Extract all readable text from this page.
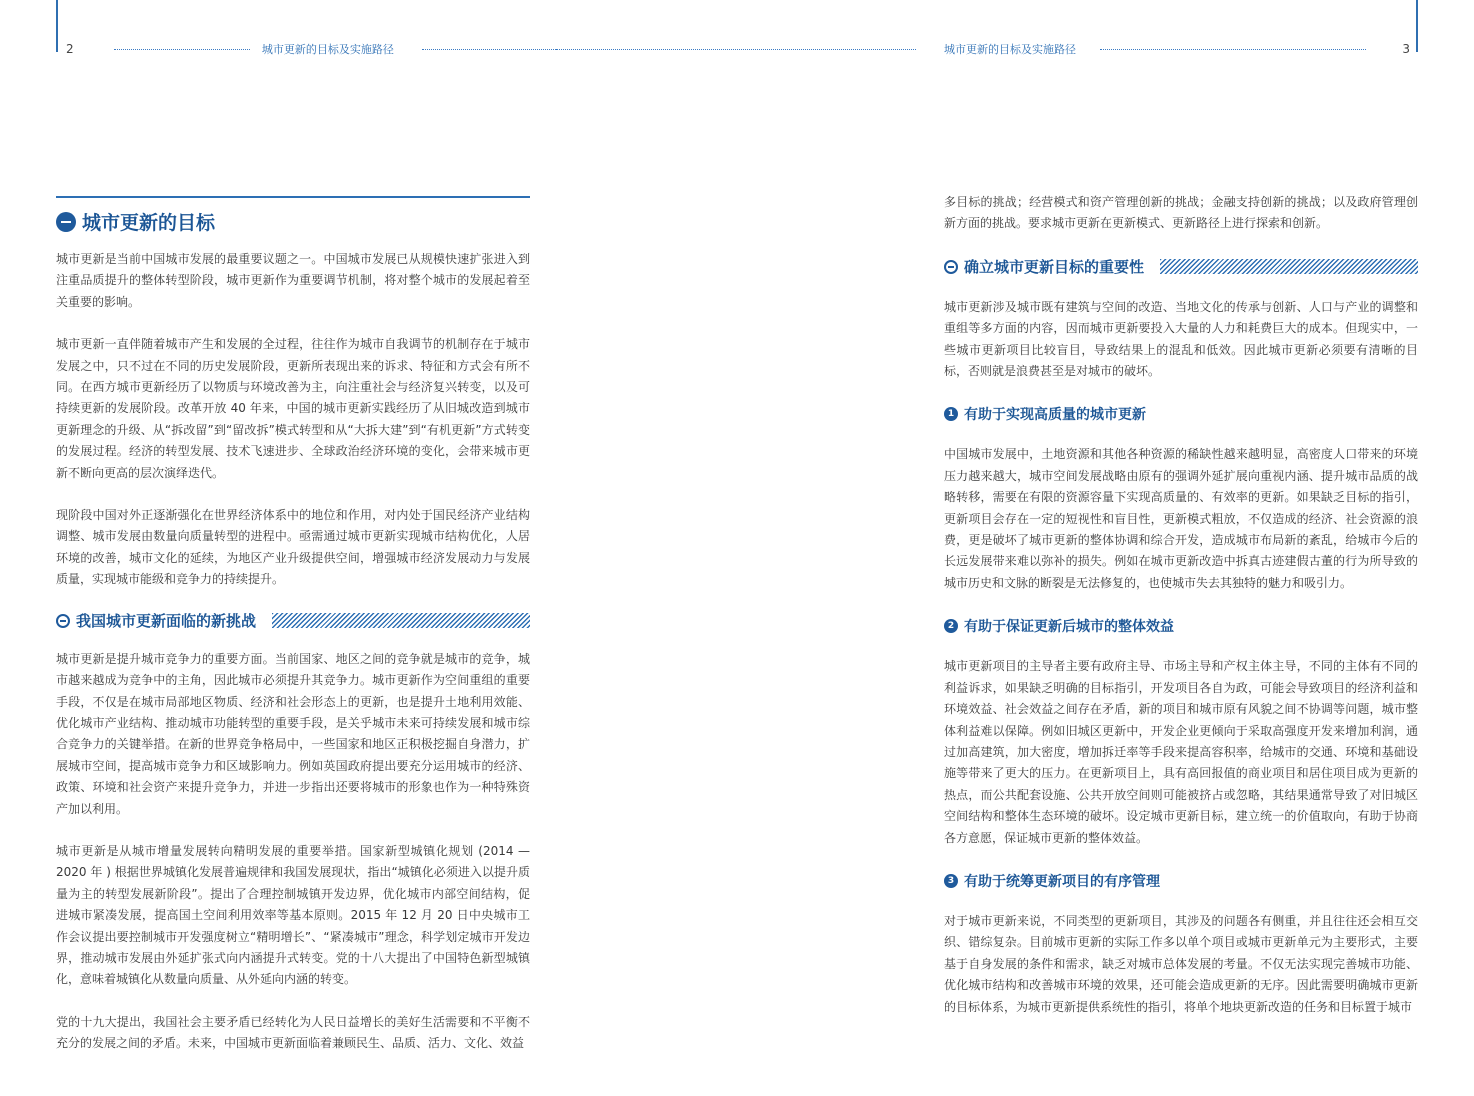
2	城市更新的目标及实施路径	城市更新的目标及实施路径	3
城市更新的目标

城市更新是当前中国城市发展的最重要议题之一。中国城市发展已从规模快速扩张进入到注重品质提升的整体转型阶段，城市更新作为重要调节机制，将对整个城市的发展起着至关重要的影响。

城市更新一直伴随着城市产生和发展的全过程，往往作为城市自我调节的机制存在于城市发展之中，只不过在不同的历史发展阶段，更新所表现出来的诉求、特征和方式会有所不同。在西方城市更新经历了以物质与环境改善为主，向注重社会与经济复兴转变，以及可持续更新的发展阶段。改革开放 40 年来，中国的城市更新实践经历了从旧城改造到城市更新理念的升级、从“拆改留”到“留改拆”模式转型和从“大拆大建”到“有机更新”方式转变的发展过程。经济的转型发展、技术飞速进步、全球政治经济环境的变化，会带来城市更新不断向更高的层次演绎迭代。

现阶段中国对外正逐渐强化在世界经济体系中的地位和作用，对内处于国民经济产业结构调整、城市发展由数量向质量转型的进程中。亟需通过城市更新实现城市结构优化，人居环境的改善，城市文化的延续，为地区产业升级提供空间，增强城市经济发展动力与发展质量，实现城市能级和竞争力的持续提升。

我国城市更新面临的新挑战

城市更新是提升城市竞争力的重要方面。当前国家、地区之间的竞争就是城市的竞争，城市越来越成为竞争中的主角，因此城市必须提升其竞争力。城市更新作为空间重组的重要手段，不仅是在城市局部地区物质、经济和社会形态上的更新，也是提升土地利用效能、优化城市产业结构、推动城市功能转型的重要手段，是关乎城市未来可持续发展和城市综合竞争力的关键举措。在新的世界竞争格局中，一些国家和地区正积极挖掘自身潜力，扩展城市空间，提高城市竞争力和区域影响力。例如英国政府提出要充分运用城市的经济、政策、环境和社会资产来提升竞争力，并进一步指出还要将城市的形象也作为一种特殊资产加以利用。

城市更新是从城市增量发展转向精明发展的重要举措。国家新型城镇化规划 (2014 — 2020 年 ) 根据世界城镇化发展普遍规律和我国发展现状，指出“城镇化必须进入以提升质量为主的转型发展新阶段”。提出了合理控制城镇开发边界，优化城市内部空间结构，促进城市紧凑发展，提高国土空间利用效率等基本原则。2015 年 12 月 20 日中央城市工作会议提出要控制城市开发强度树立“精明增长”、“紧凑城市”理念，科学划定城市开发边界，推动城市发展由外延扩张式向内涵提升式转变。党的十八大提出了中国特色新型城镇化，意味着城镇化从数量向质量、从外延向内涵的转变。

党的十九大提出，我国社会主要矛盾已经转化为人民日益增长的美好生活需要和不平衡不充分的发展之间的矛盾。未来，中国城市更新面临着兼顾民生、品质、活力、文化、效益

多目标的挑战；经营模式和资产管理创新的挑战；金融支持创新的挑战；以及政府管理创新方面的挑战。要求城市更新在更新模式、更新路径上进行探索和创新。

确立城市更新目标的重要性

城市更新涉及城市既有建筑与空间的改造、当地文化的传承与创新、人口与产业的调整和重组等多方面的内容，因而城市更新要投入大量的人力和耗费巨大的成本。但现实中，一些城市更新项目比较盲目，导致结果上的混乱和低效。因此城市更新必须要有清晰的目标，否则就是浪费甚至是对城市的破坏。

1 有助于实现高质量的城市更新

中国城市发展中，土地资源和其他各种资源的稀缺性越来越明显，高密度人口带来的环境压力越来越大，城市空间发展战略由原有的强调外延扩展向重视内涵、提升城市品质的战略转移，需要在有限的资源容量下实现高质量的、有效率的更新。如果缺乏目标的指引，更新项目会存在一定的短视性和盲目性，更新模式粗放，不仅造成的经济、社会资源的浪费，更是破坏了城市更新的整体协调和综合开发，造成城市布局新的紊乱，给城市今后的长远发展带来难以弥补的损失。例如在城市更新改造中拆真古迹建假古董的行为所导致的城市历史和文脉的断裂是无法修复的，也使城市失去其独特的魅力和吸引力。

2 有助于保证更新后城市的整体效益

城市更新项目的主导者主要有政府主导、市场主导和产权主体主导，不同的主体有不同的利益诉求，如果缺乏明确的目标指引，开发项目各自为政，可能会导致项目的经济利益和环境效益、社会效益之间存在矛盾，新的项目和城市原有风貌之间不协调等问题，城市整体利益难以保障。例如旧城区更新中，开发企业更倾向于采取高强度开发来增加利润，通过加高建筑，加大密度，增加拆迁率等手段来提高容积率，给城市的交通、环境和基础设施等带来了更大的压力。在更新项目上，具有高回报值的商业项目和居住项目成为更新的热点，而公共配套设施、公共开放空间则可能被挤占或忽略，其结果通常导致了对旧城区空间结构和整体生态环境的破坏。设定城市更新目标，建立统一的价值取向，有助于协商各方意愿，保证城市更新的整体效益。

3 有助于统筹更新项目的有序管理

对于城市更新来说，不同类型的更新项目，其涉及的问题各有侧重，并且往往还会相互交织、错综复杂。目前城市更新的实际工作多以单个项目或城市更新单元为主要形式，主要基于自身发展的条件和需求，缺乏对城市总体发展的考量。不仅无法实现完善城市功能、优化城市结构和改善城市环境的效果，还可能会造成更新的无序。因此需要明确城市更新的目标体系，为城市更新提供系统性的指引，将单个地块更新改造的任务和目标置于城市
